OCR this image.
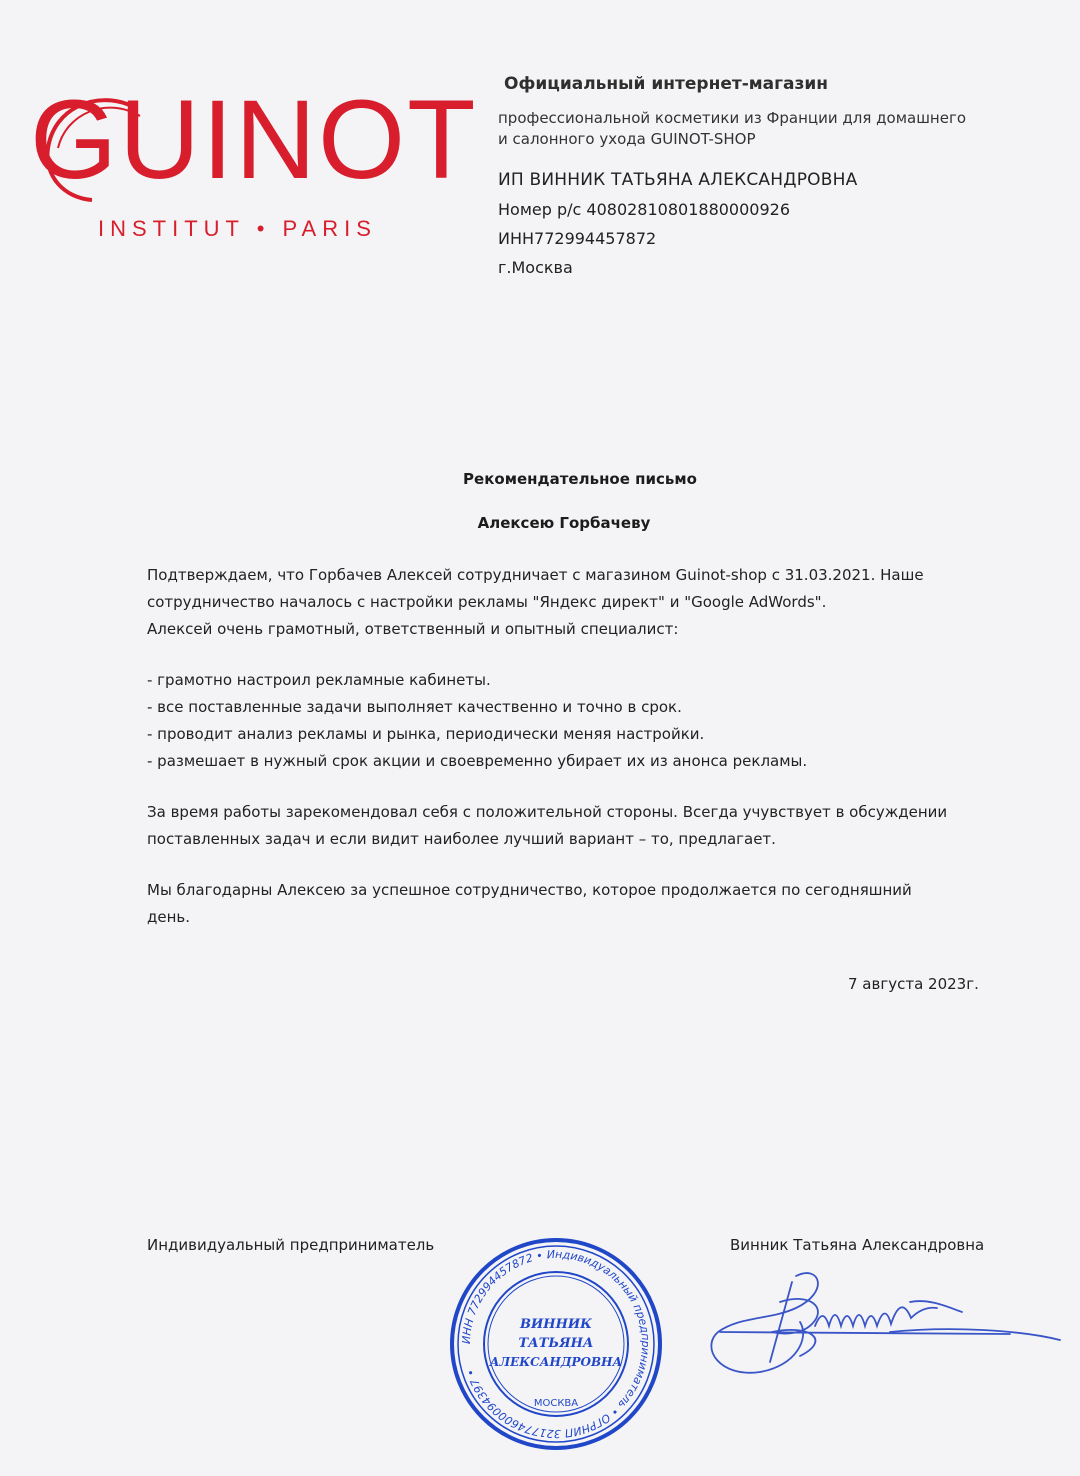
GUINOT
INSTITUT • PARIS
Официальный интернет-магазин
профессиональной косметики из Франции для домашнего
и салонного ухода GUINOT-SHOP
ИП ВИННИК ТАТЬЯНА АЛЕКСАНДРОВНА
Номер р/с 40802810801880000926
ИНН772994457872
г.Москва
Рекомендательное письмо
Алексею Горбачеву

Подтверждаем, что Горбачев Алексей сотрудничает с магазином Guinot-shop с 31.03.2021. Наше

сотрудничество началось с настройки рекламы "Яндекс директ" и "Google AdWords".

Алексей очень грамотный, ответственный и опытный специалист:

- грамотно настроил рекламные кабинеты.

- все поставленные задачи выполняет качественно и точно в срок.

- проводит анализ рекламы и рынка, периодически меняя настройки.

- размешает в нужный срок акции и своевременно убирает их из анонса рекламы.

За время работы зарекомендовал себя с положительной стороны. Всегда учувствует в обсуждении

поставленных задач и если видит наиболее лучший вариант – то, предлагает.

Мы благодарны Алексею за успешное сотрудничество, которое продолжается по сегодняшний

день.

7 августа 2023г.
Индивидуальный предприниматель	Винник Татьяна Александровна
ИНН 772994457872 • Индивидуальный предприниматель • ОГРНИП 321774600094397 •
ВИННИК
ТАТЬЯНА
АЛЕКСАНДРОВНА
МОСКВА
